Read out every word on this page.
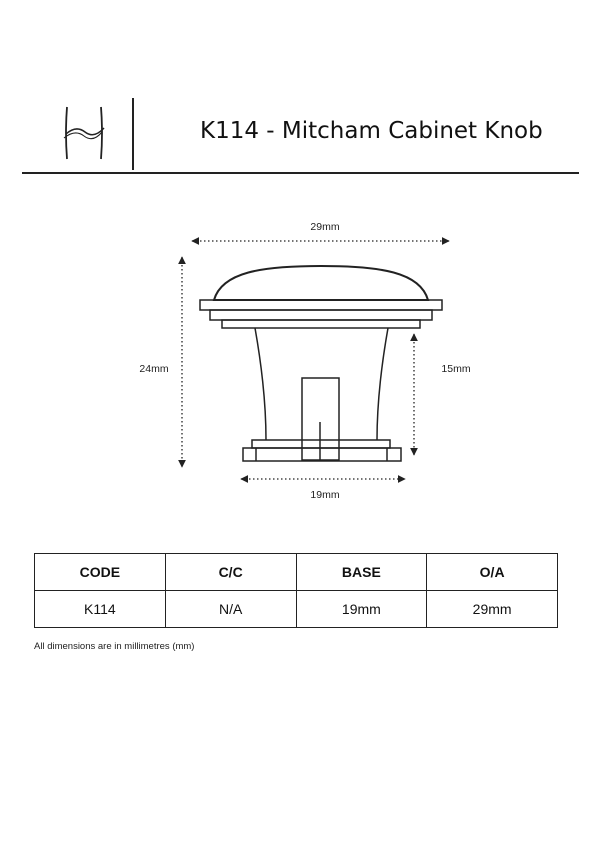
K114 - Mitcham Cabinet Knob
29mm
24mm	15mm
19mm
CODE	C/C	BASE	O/A
K114	N/A	19mm	29mm
All dimensions are in millimetres (mm)
